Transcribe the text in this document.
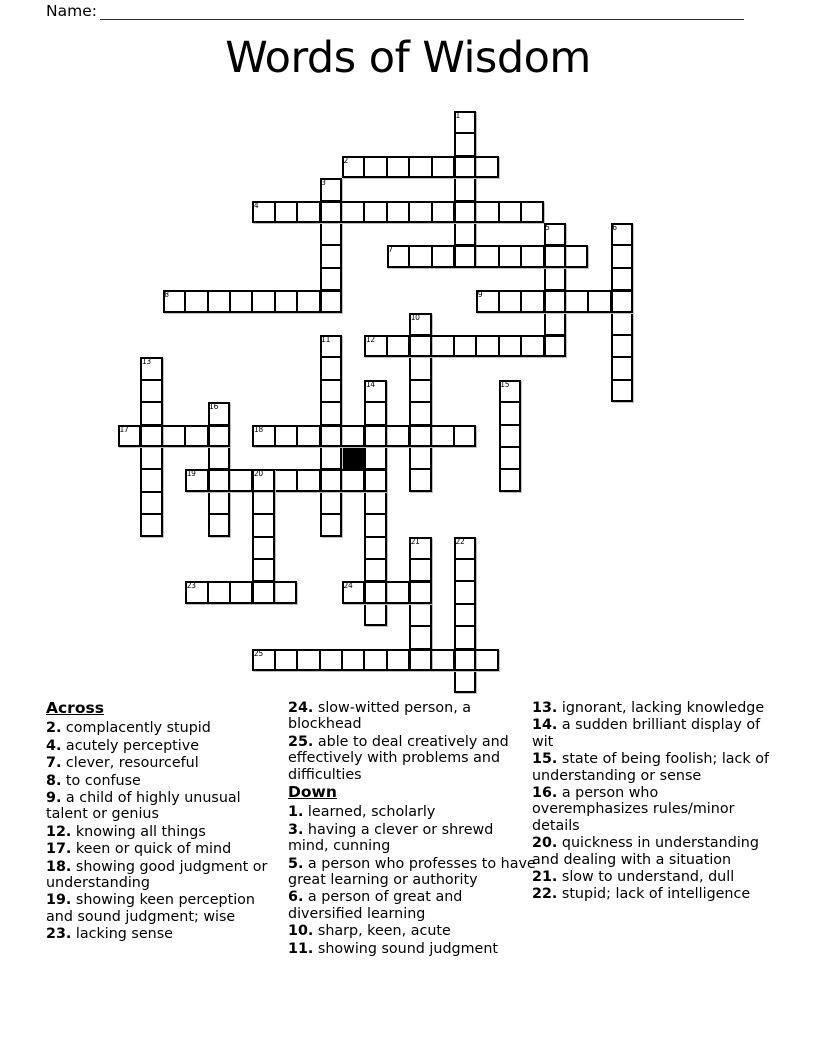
Name:
Words of Wisdom
1
2
3
4
5	6
7
8	9
10
11	12
13
14	15
16
17	18
19	20
21	22
23	24
25
Across
2. complacently stupid
4. acutely perceptive
7. clever, resourceful
8. to confuse
9. a child of highly unusual talent or genius
12. knowing all things
17. keen or quick of mind
18. showing good judgment or understanding
19. showing keen perception and sound judgment; wise
23. lacking sense
24. slow-witted person, a blockhead
25. able to deal creatively and effectively with problems and difficulties
Down
1. learned, scholarly
3. having a clever or shrewd mind, cunning
5. a person who professes to have great learning or authority
6. a person of great and diversified learning
10. sharp, keen, acute
11. showing sound judgment
13. ignorant, lacking knowledge
14. a sudden brilliant display of wit
15. state of being foolish; lack of understanding or sense
16. a person who overemphasizes rules/minor details
20. quickness in understanding and dealing with a situation
21. slow to understand, dull
22. stupid; lack of intelligence
